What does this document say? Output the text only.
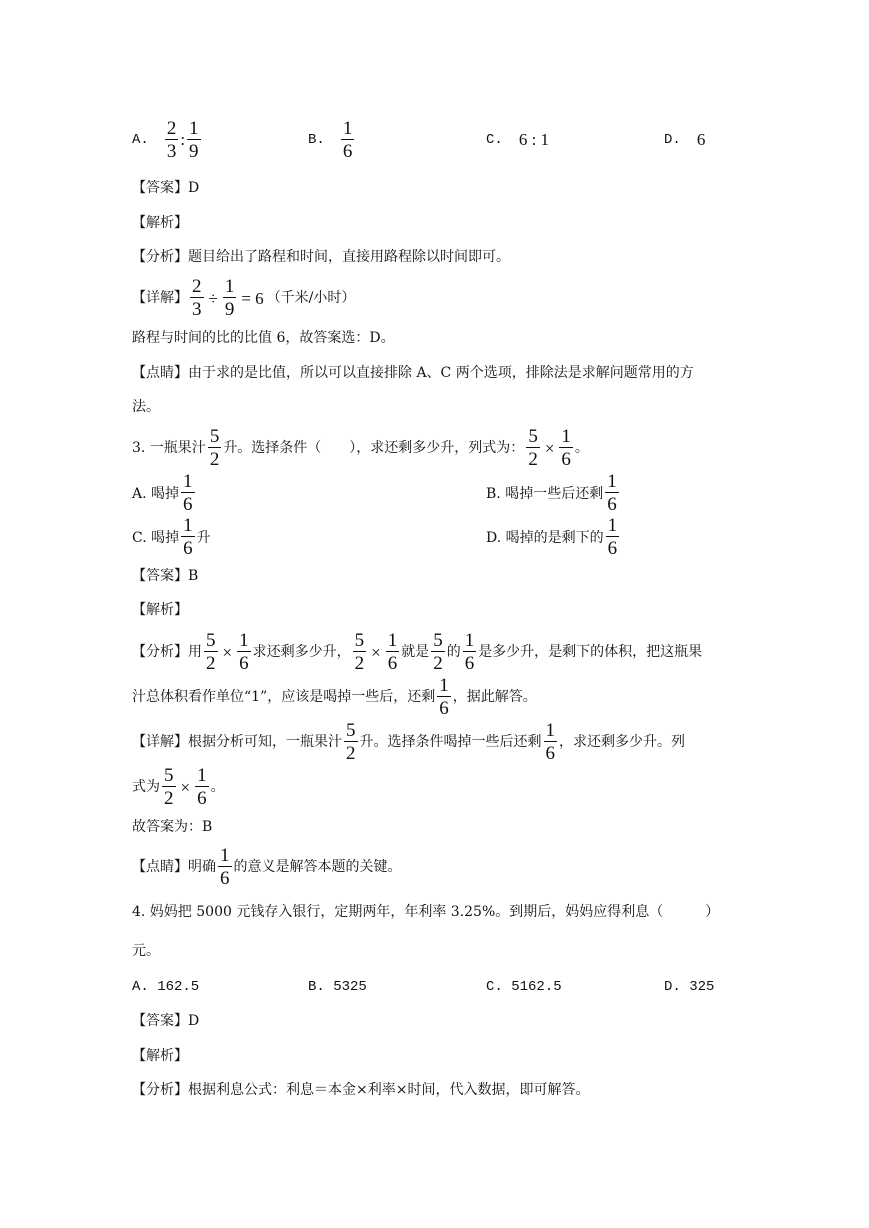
A. $\frac{2}{3}$ : $\frac{1}{9}$	B. $\frac{1}{6}$	C. 6 : 1	D. 6
【答案】D
【解析】
【分析】题目给出了路程和时间，直接用路程除以时间即可。
【详解】 $\frac{2}{3} \div \frac{1}{9} = 6$ （千米/小时）
路程与时间的比的比值 6，故答案选：D。
【点睛】由于求的是比值，所以可以直接排除 A、C 两个选项，排除法是求解问题常用的方
法。
3. 一瓶果汁 $\frac{5}{2}$ 升。选择条件（　　），求还剩多少升，列式为： $\frac{5}{2} \times \frac{1}{6}$ 。
A. 喝掉 $\frac{1}{6}$	B. 喝掉一些后还剩 $\frac{1}{6}$
C. 喝掉 $\frac{1}{6}$ 升	D. 喝掉的是剩下的 $\frac{1}{6}$
【答案】B
【解析】
【分析】用 $\frac{5}{2} \times \frac{1}{6}$ 求还剩多少升， $\frac{5}{2} \times \frac{1}{6}$ 就是 $\frac{5}{2}$ 的 $\frac{1}{6}$ 是多少升，是剩下的体积，把这瓶果
汁总体积看作单位“1”，应该是喝掉一些后，还剩 $\frac{1}{6}$ ，据此解答。
【详解】根据分析可知，一瓶果汁 $\frac{5}{2}$ 升。选择条件喝掉一些后还剩 $\frac{1}{6}$ ，求还剩多少升。列
式为 $\frac{5}{2} \times \frac{1}{6}$ 。
故答案为：B
【点睛】明确 $\frac{1}{6}$ 的意义是解答本题的关键。
4. 妈妈把 5000 元钱存入银行，定期两年，年利率 3.25%。到期后，妈妈应得利息（　　　）
元。
A. 162.5	B. 5325	C. 5162.5	D. 325
【答案】D
【解析】
【分析】根据利息公式：利息＝本金×利率×时间，代入数据，即可解答。
